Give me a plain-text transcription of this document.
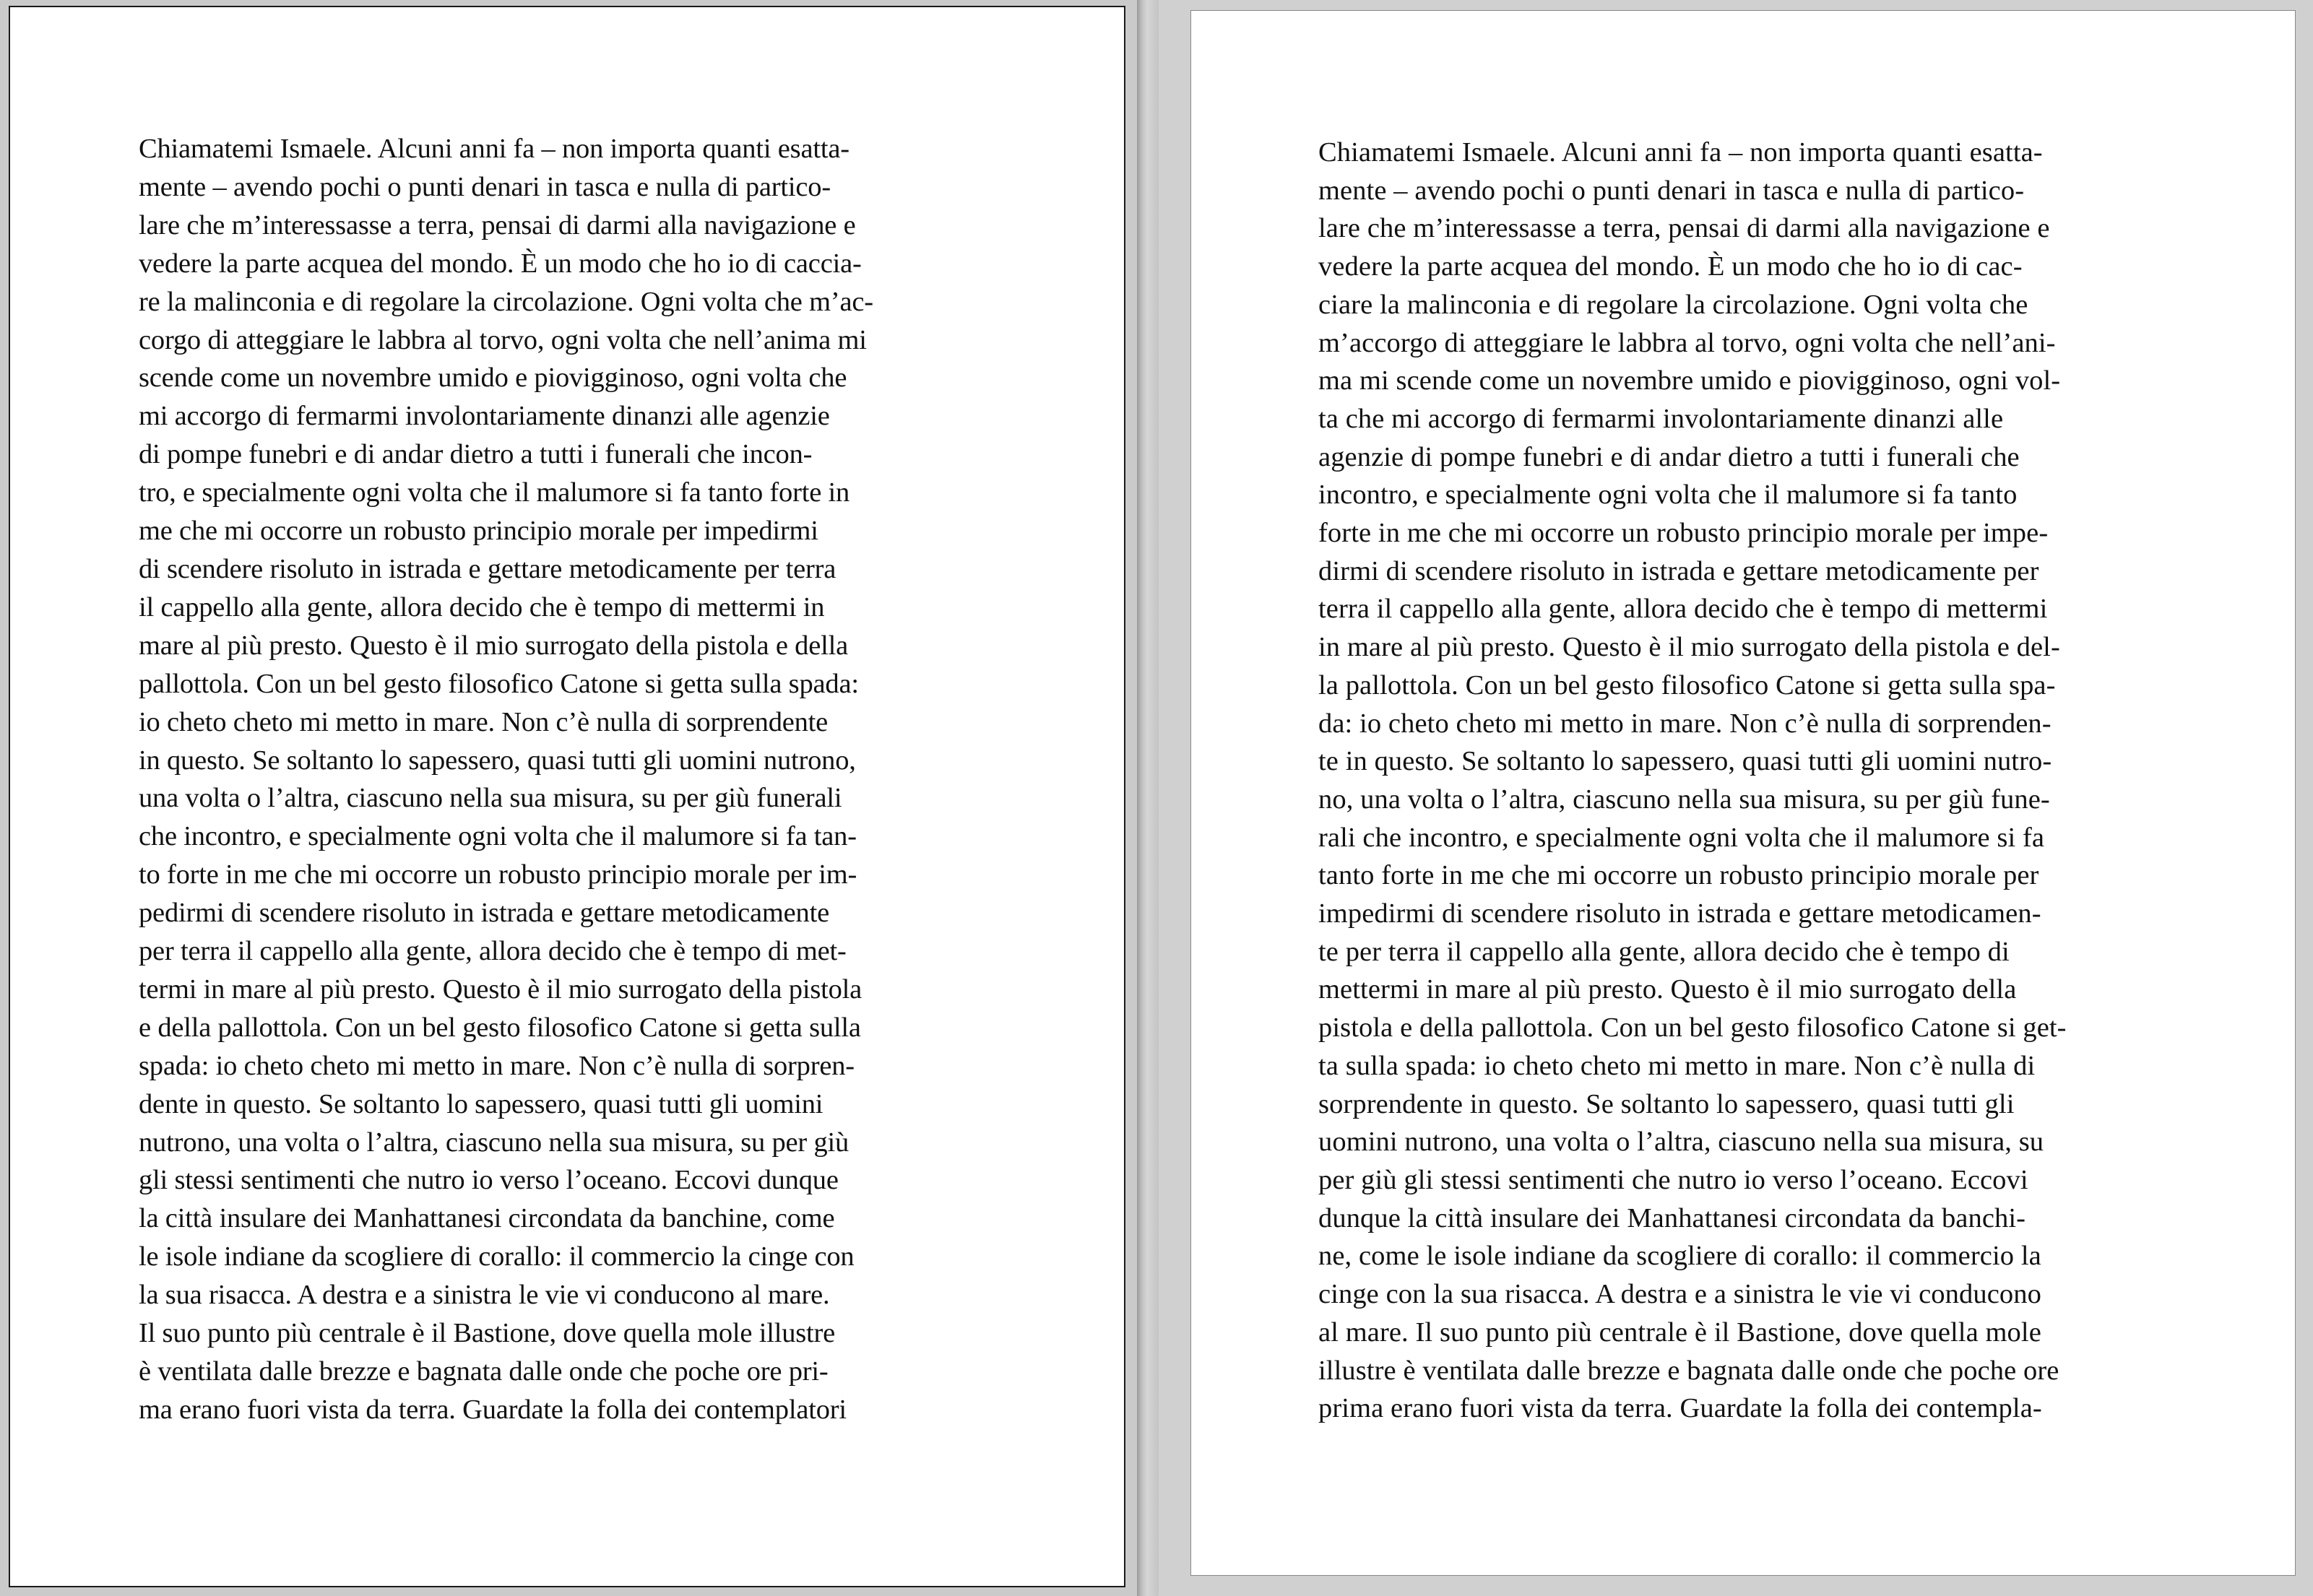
Chiamatemi Ismaele. Alcuni anni fa – non importa quanti esatta-
mente – avendo pochi o punti denari in tasca e nulla di partico-
lare che m’interessasse a terra, pensai di darmi alla navigazione e
vedere la parte acquea del mondo. È un modo che ho io di caccia-
re la malinconia e di regolare la circolazione. Ogni volta che m’ac-
corgo di atteggiare le labbra al torvo, ogni volta che nell’anima mi
scende come un novembre umido e piovigginoso, ogni volta che
mi accorgo di fermarmi involontariamente dinanzi alle agenzie
di pompe funebri e di andar dietro a tutti i funerali che incon-
tro, e specialmente ogni volta che il malumore si fa tanto forte in
me che mi occorre un robusto principio morale per impedirmi
di scendere risoluto in istrada e gettare metodicamente per terra
il cappello alla gente, allora decido che è tempo di mettermi in
mare al più presto. Questo è il mio surrogato della pistola e della
pallottola. Con un bel gesto filosofico Catone si getta sulla spada:
io cheto cheto mi metto in mare. Non c’è nulla di sorprendente
in questo. Se soltanto lo sapessero, quasi tutti gli uomini nutrono,
una volta o l’altra, ciascuno nella sua misura, su per giù funerali
che incontro, e specialmente ogni volta che il malumore si fa tan-
to forte in me che mi occorre un robusto principio morale per im-
pedirmi di scendere risoluto in istrada e gettare metodicamente
per terra il cappello alla gente, allora decido che è tempo di met-
termi in mare al più presto. Questo è il mio surrogato della pistola
e della pallottola. Con un bel gesto filosofico Catone si getta sulla
spada: io cheto cheto mi metto in mare. Non c’è nulla di sorpren-
dente in questo. Se soltanto lo sapessero, quasi tutti gli uomini
nutrono, una volta o l’altra, ciascuno nella sua misura, su per giù
gli stessi sentimenti che nutro io verso l’oceano. Eccovi dunque
la città insulare dei Manhattanesi circondata da banchine, come
le isole indiane da scogliere di corallo: il commercio la cinge con
la sua risacca. A destra e a sinistra le vie vi conducono al mare.
Il suo punto più centrale è il Bastione, dove quella mole illustre
è ventilata dalle brezze e bagnata dalle onde che poche ore pri-
ma erano fuori vista da terra. Guardate la folla dei contemplatori
Chiamatemi Ismaele. Alcuni anni fa – non importa quanti esatta-
mente – avendo pochi o punti denari in tasca e nulla di partico-
lare che m’interessasse a terra, pensai di darmi alla navigazione e
vedere la parte acquea del mondo. È un modo che ho io di cac-
ciare la malinconia e di regolare la circolazione. Ogni volta che
m’accorgo di atteggiare le labbra al torvo, ogni volta che nell’ani-
ma mi scende come un novembre umido e piovigginoso, ogni vol-
ta che mi accorgo di fermarmi involontariamente dinanzi alle
agenzie di pompe funebri e di andar dietro a tutti i funerali che
incontro, e specialmente ogni volta che il malumore si fa tanto
forte in me che mi occorre un robusto principio morale per impe-
dirmi di scendere risoluto in istrada e gettare metodicamente per
terra il cappello alla gente, allora decido che è tempo di mettermi
in mare al più presto. Questo è il mio surrogato della pistola e del-
la pallottola. Con un bel gesto filosofico Catone si getta sulla spa-
da: io cheto cheto mi metto in mare. Non c’è nulla di sorprenden-
te in questo. Se soltanto lo sapessero, quasi tutti gli uomini nutro-
no, una volta o l’altra, ciascuno nella sua misura, su per giù fune-
rali che incontro, e specialmente ogni volta che il malumore si fa
tanto forte in me che mi occorre un robusto principio morale per
impedirmi di scendere risoluto in istrada e gettare metodicamen-
te per terra il cappello alla gente, allora decido che è tempo di
mettermi in mare al più presto. Questo è il mio surrogato della
pistola e della pallottola. Con un bel gesto filosofico Catone si get-
ta sulla spada: io cheto cheto mi metto in mare. Non c’è nulla di
sorprendente in questo. Se soltanto lo sapessero, quasi tutti gli
uomini nutrono, una volta o l’altra, ciascuno nella sua misura, su
per giù gli stessi sentimenti che nutro io verso l’oceano. Eccovi
dunque la città insulare dei Manhattanesi circondata da banchi-
ne, come le isole indiane da scogliere di corallo: il commercio la
cinge con la sua risacca. A destra e a sinistra le vie vi conducono
al mare. Il suo punto più centrale è il Bastione, dove quella mole
illustre è ventilata dalle brezze e bagnata dalle onde che poche ore
prima erano fuori vista da terra. Guardate la folla dei contempla-
